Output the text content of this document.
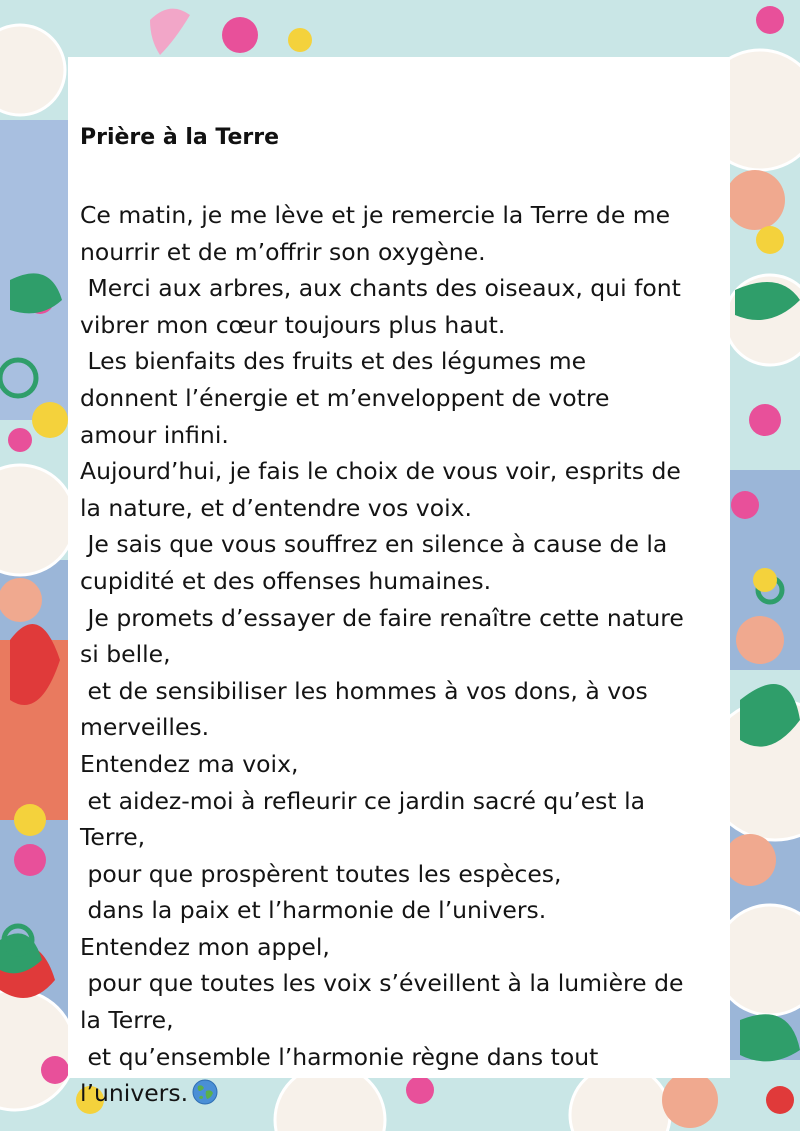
Prière à la Terre
Ce matin, je me lève et je remercie la Terre de me
nourrir et de m’offrir son oxygène.
Merci aux arbres, aux chants des oiseaux, qui font
vibrer mon cœur toujours plus haut.
Les bienfaits des fruits et des légumes me
donnent l’énergie et m’enveloppent de votre
amour infini.
Aujourd’hui, je fais le choix de vous voir, esprits de
la nature, et d’entendre vos voix.
Je sais que vous souffrez en silence à cause de la
cupidité et des offenses humaines.
Je promets d’essayer de faire renaître cette nature
si belle,
et de sensibiliser les hommes à vos dons, à vos
merveilles.
Entendez ma voix,
et aidez-moi à refleurir ce jardin sacré qu’est la
Terre,
pour que prospèrent toutes les espèces,
dans la paix et l’harmonie de l’univers.
Entendez mon appel,
pour que toutes les voix s’éveillent à la lumière de
la Terre,
et qu’ensemble l’harmonie règne dans tout
l’univers.
